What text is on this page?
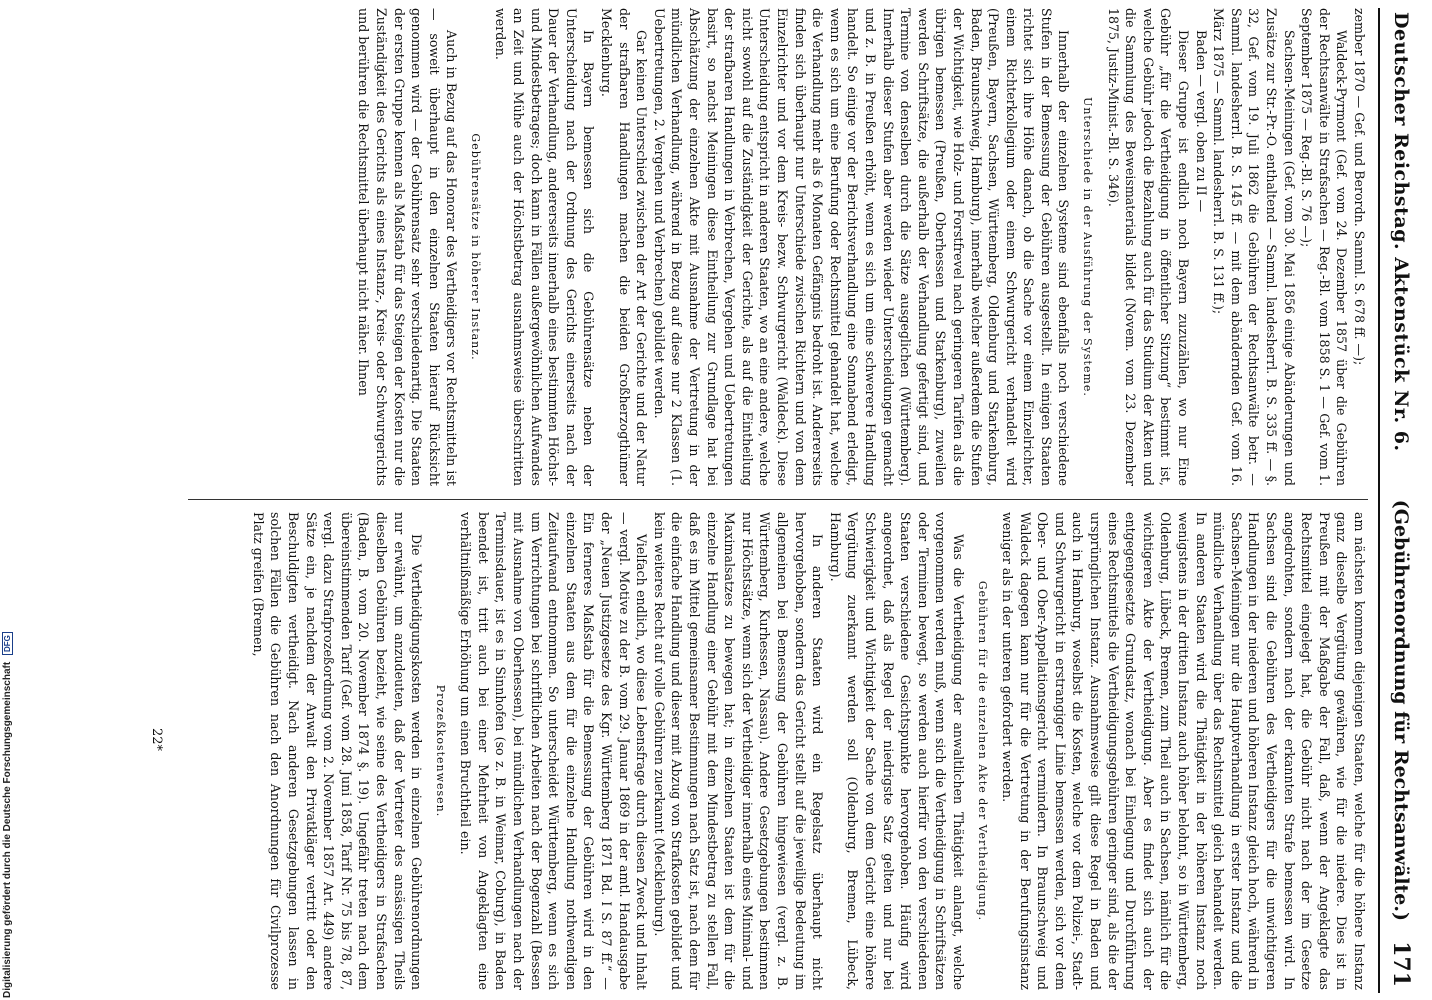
Digitalisierung gefördert durch die Deutsche Forschungsgemeinschaft DFG
Deutscher Reichstag. Aktenstück Nr. 6.
(Gebührenordnung für Rechtsanwälte.)
171

zember 1870 — Gef. und Berordn. Samml. S. 678 ff. —);

Waldeck-Pyrmont (Gef. vom 24. Dezember 1857 über die Gebühren der Rechtsanwälte in Strafsachen — Reg.-Bl. vom 1858 S. 1 — Gef. vom 1. September 1875 — Reg.-Bl. S. 76 —);

Sachsen-Meiningen (Gef. vom 30. Mai 1856 einige Abänderungen und Zusätze zur Str.-Pr.-O. enthaltend — Samml. landesherrl. B. S. 335 ff. — §. 32, Gef. vom 19. Juli 1862 die Gebühren der Rechtsanwälte betr. — Samml. landesherrl. B. S. 145 ff. — mit dem abändernden Gef. vom 16. März 1875 — Samml. landesherrl. B. S. 131 ff.);

Baden — vergl. oben zu II —

Dieser Gruppe ist endlich noch Bayern zuzuzählen, wo nur Eine Gebühr „für die Vertheidigung in öffentlicher Sitzung“ bestimmt ist, welche Gebühr jedoch die Bezahlung auch für das Studium der Akten und die Sammlung des Beweismaterials bildet (Novem. vom 23. Dezember 1875, Justiz-Minist.-Bl. S. 346).

Unterschiede in der Ausführung der Systeme.

Innerhalb der einzelnen Systeme sind ebenfalls noch verschiedene Stufen in der Bemessung der Gebühren ausgestellt. In einigen Staaten richtet sich ihre Höhe danach, ob die Sache vor einem Einzelrichter, einem Richterkollegium oder einem Schwurgericht verhandelt wird (Preußen, Bayern, Sachsen, Württemberg, Oldenburg und Starkenburg, Baden, Braunschweig, Hamburg), innerhalb welcher außerdem die Stufen der Wichtigkeit, wie Holz- und Forstfrevel nach geringeren Tarifen als die übrigen bemessen (Preußen, Oberhessen und Starkenburg), zuweilen werden Schriftsätze, die außerhalb der Verhandlung gefertigt sind, und Termine von denselben durch die Sätze ausgeglichen (Württemberg). Innerhalb dieser Stufen aber werden wieder Unterscheidungen gemacht und z. B. in Preußen erhöht, wenn es sich um eine schwerere Handlung handelt. So einige vor der Berichtsverhandlung eine Sonnabend erledigt, wenn es sich um eine Berufung oder Rechtsmittel gehandelt hat, welche die Verhandlung mehr als 6 Monaten Gefängnis bedroht ist. Andererseits finden sich überhaupt nur Unterschiede zwischen Richtern und von dem Einzelrichter und vor dem Kreis- bezw. Schwurgericht (Waldeck). Diese Unterscheidung entspricht in anderen Staaten, wo an eine andere, welche nicht sowohl auf die Zuständigkeit der Gerichte, als auf die Eintheilung der strafbaren Handlungen in Verbrechen, Vergehen und Uebertretungen basirt, so nachst Meiningen diese Eintheilung zur Grundlage hat bei Abschätzung der einzelnen Akte mit Ausnahme der Vertretung in der mündlichen Verhandlung, während in Bezug auf diese nur 2 Klassen (1. Uebertretungen, 2. Vergehen und Verbrechen) gebildet werden.

Gar keinen Unterschied zwischen der Art der Gerichte und der Natur der strafbaren Handlungen machen die beiden Großherzogthümer Mecklenburg.

In Bayern bemessen sich die Gebührensätze neben der Unterscheidung nach der Ordnung des Gerichts einerseits nach der Dauer der Verhandlung, andererseits innerhalb eines bestimmten Höchst- und Mindestbetrages; doch kann in Fällen außergewöhnlichen Aufwandes an Zeit und Mühe auch der Höchstbetrag ausnahmsweise überschritten werden.

Gebührensätze in höherer Instanz.

Auch in Bezug auf das Honorar des Vertheidigers vor Rechtsmitteln ist — soweit überhaupt in den einzelnen Staaten hierauf Rücksicht genommen wird — der Gebührensatz sehr verschiedenartig. Die Staaten der ersten Gruppe kennen als Maßstab für das Steigen der Kosten nur die Zuständigkeit des Gerichts als eines Instanz-, Kreis- oder Schwurgerichts und berühren die Rechtsmittel überhaupt nicht näher. Ihnen

am nächsten kommen diejenigen Staaten, welche für die höhere Instanz ganz dieselbe Vergütung gewähren, wie für die niedere. Dies ist in Preußen mit der Maßgabe der Fall, daß, wenn der Angeklagte das Rechtsmittel eingelegt hat, die Gebühr nicht nach der im Gesetze angedrohten, sondern nach der erkannten Strafe bemessen wird. In Sachsen sind die Gebühren des Vertheidigers für die unwichtigeren Handlungen in der niederen und höheren Instanz gleich hoch, während in Sachsen-Meiningen nur die Hauptverhandlung in erster Instanz und die mündliche Verhandlung über das Rechtsmittel gleich behandelt werden. In anderen Staaten wird die Thätigkeit in der höheren Instanz noch wenigstens in der dritten Instanz auch höher belohnt, so in Württemberg, Oldenburg, Lübeck, Bremen, zum Theil auch in Sachsen, nämlich für die wichtigeren Akte der Vertheidigung. Aber es findet sich auch der entgegengesetzte Grundsatz, wonach bei Einlegung und Durchführung eines Rechtsmittels die Vertheidigungsgebühren geringer sind, als die der ursprünglichen Instanz. Ausnahmsweise gilt diese Regel in Baden und auch in Hamburg, woselbst die Kosten, welche vor dem Polizei-, Stadt- und Schwurgericht in erstrangiger Linie bemessen werden, sich vor dem Ober- und Ober-Appellationsgericht vermindern. In Braunschweig und Waldeck dagegen kann nur für die Vertretung in der Berufungsinstanz weniger als in der unteren gefordert werden.

Gebühren für die einzelnen Akte der Vertheidigung.

Was die Vertheidigung der anwaltlichen Thätigkeit anlangt, welche vorgenommen werden muß, wenn sich die Vertheidigung in Schriftsätzen oder Terminen bewegt, so werden auch hierfür von den verschiedenen Staaten verschiedene Gesichtspunkte hervorgehoben. Häufig wird angeordnet, daß als Regel der niedrigste Satz gelten und nur bei Schwierigkeit und Wichtigkeit der Sache von dem Gericht eine höhere Vergütung zuerkannt werden soll (Oldenburg, Bremen, Lübeck, Hamburg).

In anderen Staaten wird ein Regelsatz überhaupt nicht hervorgehoben, sondern das Gericht stellt auf die jeweilige Bedeutung im allgemeinen bei Bemessung der Gebühren hingewiesen (vergl. z. B. Württemberg, Kurhessen, Nassau). Andere Gesetzgebungen bestimmen nur Höchstsätze, wenn sich der Vertheidiger innerhalb eines Minimal- und Maximalsatzes zu bewegen hat; in einzelnen Staaten ist dem für die einzelne Handlung einer Gebühr mit dem Mindestbetrag zu stellen Fall, daß es im Mittel gemeinsamer Bestimmungen nach Satz ist, nach dem für die einfache Handlung und dieser mit Abzug von Strafkosten gebildet und kein weiteres Recht auf volle Gebühren zuerkannt (Mecklenburg).

Vielfach endlich, wo diese Lebensfrage durch diesen Zweck und Inhalt — vergl. Motive zu der B. vom 29. Januar 1869 in der amtl. Handausgabe der „Neuen Justizgesetze des Kgr. Württemberg 1871 Bd. I S. 87 ff.“ — Ein ferneres Maßstab für die Bemessung der Gebühren wird in den einzelnen Staaten aus dem für die einzelne Handlung nothwendigen Zeitaufwand entnommen. So unterscheidet Württemberg, wenn es sich um Verrichtungen bei schriftlichen Arbeiten nach der Bogenzahl (Bessen mit Ausnahme von Oberhessen), bei mündlichen Verhandlungen nach der Terminsdauer, ist es in Sinnhofen (so z. B. in Weimar, Coburg), in Baden beendet ist, tritt auch bei einer Mehrheit von Angeklagten eine verhältnißmäßige Erhöhung um einen Bruchtheil ein.

Prozeßkostenwesen.

Die Vertheidigungskosten werden in einzelnen Gebührenordnungen nur erwähnt, um anzudeuten, daß der Vertreter des ansässigen Theils dieselben Gebühren bezieht, wie seine des Vertheidigers in Strafsachen (Baden, B. vom 20. November 1874 §. 19). Ungefähr treten nach dem übereinstimmenden Tarif (Gef. vom 28. Juni 1858, Tarif Nr. 75 bis 78, 87, vergl. dazu Strafprozeßordnung vom 2. November 1857 Art. 449) andere Sätze ein, je nachdem der Anwalt den Privatkläger vertritt oder den Beschuldigten vertheidigt. Nach anderen Gesetzgebungen lassen in solchen Fällen die Gebühren nach den Anordnungen für Civilprozesse Platz greifen (Bremen,

22*
